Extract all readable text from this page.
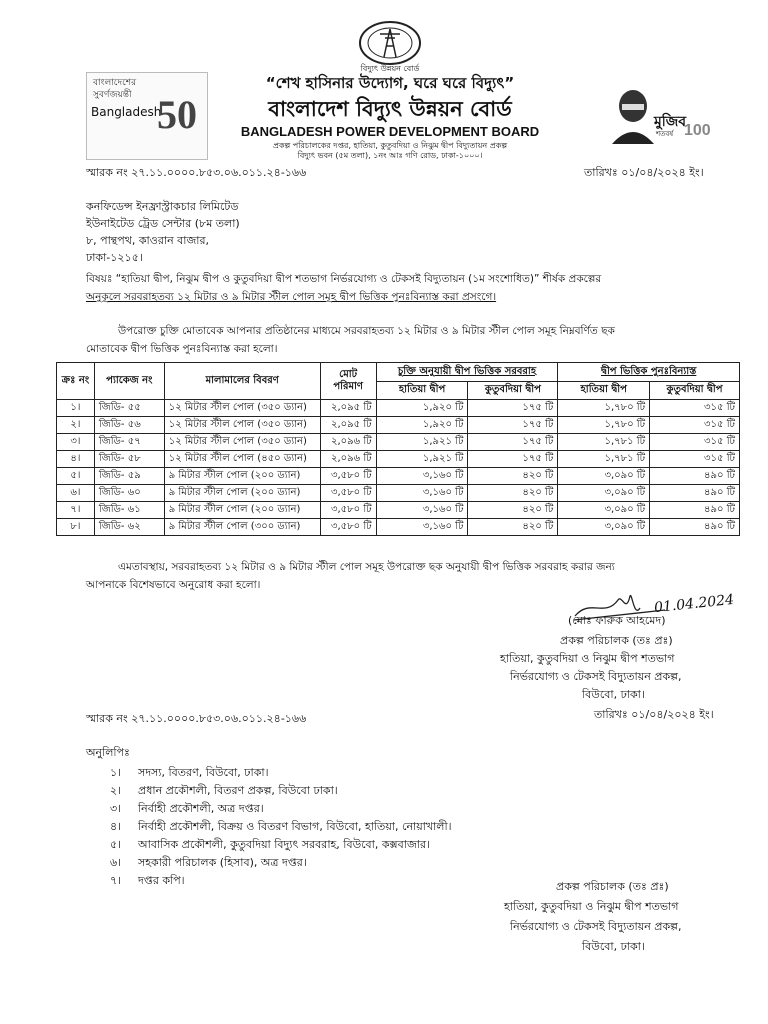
বিদ্যুৎ উন্নয়ন বোর্ড
বাংলাদেশের
সুবর্ণজয়ন্তী
Bangladesh
50
“শেখ হাসিনার উদ্যোগ, ঘরে ঘরে বিদ্যুৎ”
বাংলাদেশ বিদ্যুৎ উন্নয়ন বোর্ড
BANGLADESH POWER DEVELOPMENT BOARD
প্রকল্প পরিচালকের দপ্তর, হাতিয়া, কুতুবদিয়া ও নিঝুম দ্বীপ বিদ্যুতায়ন প্রকল্প
বিদ্যুৎ ভবন (৫ম তলা), ১নং আঃ গণি রোড, ঢাকা-১০০০।
মুজিব
শতবর্ষ 100
স্মারক নং ২৭.১১.০০০০.৮৫৩.০৬.০১১.২৪-১৬৬	তারিখঃ ০১/০৪/২০২৪ ইং।
কনফিডেন্স ইনফ্রাস্ট্রাকচার লিমিটেড
ইউনাইটেড ট্রেড সেন্টার (৮ম তলা)
৮, পান্থপথ, কাওরান বাজার,
ঢাকা-১২১৫।
বিষয়ঃ “হাতিয়া দ্বীপ, নিঝুম দ্বীপ ও কুতুবদিয়া দ্বীপ শতভাগ নির্ভরযোগ্য ও টেকসই বিদ্যুতায়ন (১ম সংশোধিত)” শীর্ষক প্রকল্পের
অনুকূলে সরবরাহতব্য ১২ মিটার ও ৯ মিটার স্টীল পোল সমূহ দ্বীপ ভিত্তিক পুনঃবিন্যাস্ত করা প্রসংগে।
উপরোক্ত চুক্তি মোতাবেক আপনার প্রতিষ্ঠানের মাধ্যমে সরবরাহতব্য ১২ মিটার ও ৯ মিটার স্টীল পোল সমূহ নিম্নবর্ণিত ছক
মোতাবেক দ্বীপ ভিত্তিক পুনঃবিন্যাস্ত করা হলো।
ক্রঃ নং	প্যাকেজ নং	মালামালের বিবরণ	মোট পরিমাণ	চুক্তি অনুযায়ী দ্বীপ ভিত্তিক সরবরাহ		দ্বীপ ভিত্তিক পুনঃবিন্যাস্ত	
				হাতিয়া দ্বীপ	কুতুবদিয়া দ্বীপ	হাতিয়া দ্বীপ	কুতুবদিয়া দ্বীপ
১।	জিডি- ৫৫	১২ মিটার স্টীল পোল (৩৫০ ড্যান)	২,০৯৫ টি	১,৯২০ টি	১৭৫ টি	১,৭৮০ টি	৩১৫ টি
২।	জিডি- ৫৬	১২ মিটার স্টীল পোল (৩৫০ ড্যান)	২,০৯৫ টি	১,৯২০ টি	১৭৫ টি	১,৭৮০ টি	৩১৫ টি
৩।	জিডি- ৫৭	১২ মিটার স্টীল পোল (৩৫০ ড্যান)	২,০৯৬ টি	১,৯২১ টি	১৭৫ টি	১,৭৮১ টি	৩১৫ টি
৪।	জিডি- ৫৮	১২ মিটার স্টীল পোল (৪৫০ ড্যান)	২,০৯৬ টি	১,৯২১ টি	১৭৫ টি	১,৭৮১ টি	৩১৫ টি
৫।	জিডি- ৫৯	৯ মিটার স্টীল পোল (২০০ ড্যান)	৩,৫৮০ টি	৩,১৬০ টি	৪২০ টি	৩,০৯০ টি	৪৯০ টি
৬।	জিডি- ৬০	৯ মিটার স্টীল পোল (২০০ ড্যান)	৩,৫৮০ টি	৩,১৬০ টি	৪২০ টি	৩,০৯০ টি	৪৯০ টি
৭।	জিডি- ৬১	৯ মিটার স্টীল পোল (২০০ ড্যান)	৩,৫৮০ টি	৩,১৬০ টি	৪২০ টি	৩,০৯০ টি	৪৯০ টি
৮।	জিডি- ৬২	৯ মিটার স্টীল পোল (৩০০ ড্যান)	৩,৫৮০ টি	৩,১৬০ টি	৪২০ টি	৩,০৯০ টি	৪৯০ টি
এমতাবস্থায়, সরবরাহতব্য ১২ মিটার ও ৯ মিটার স্টীল পোল সমূহ উপরোক্ত ছক অনুযায়ী দ্বীপ ভিত্তিক সরবরাহ করার জন্য
আপনাকে বিশেষভাবে অনুরোধ করা হলো।
01.04.2024
(মোঃ ফারুক আহমেদ)
প্রকল্প পরিচালক (তঃ প্রঃ)
হাতিয়া, কুতুবদিয়া ও নিঝুম দ্বীপ শতভাগ
নির্ভরযোগ্য ও টেকসই বিদ্যুতায়ন প্রকল্প,
বিউবো, ঢাকা।
স্মারক নং ২৭.১১.০০০০.৮৫৩.০৬.০১১.২৪-১৬৬	তারিখঃ ০১/০৪/২০২৪ ইং।
অনুলিপিঃ
১। সদস্য, বিতরণ, বিউবো, ঢাকা।
২। প্রধান প্রকৌশলী, বিতরণ প্রকল্প, বিউবো ঢাকা।
৩। নির্বাহী প্রকৌশলী, অত্র দপ্তর।
৪। নির্বাহী প্রকৌশলী, বিক্রয় ও বিতরণ বিভাগ, বিউবো, হাতিয়া, নোয়াখালী।
৫। আবাসিক প্রকৌশলী, কুতুবদিয়া বিদ্যুৎ সরবরাহ, বিউবো, কক্সবাজার।
৬। সহকারী পরিচালক (হিসাব), অত্র দপ্তর।
৭। দপ্তর কপি।	প্রকল্প পরিচালক (তঃ প্রঃ)
হাতিয়া, কুতুবদিয়া ও নিঝুম দ্বীপ শতভাগ
নির্ভরযোগ্য ও টেকসই বিদ্যুতায়ন প্রকল্প,
বিউবো, ঢাকা।
